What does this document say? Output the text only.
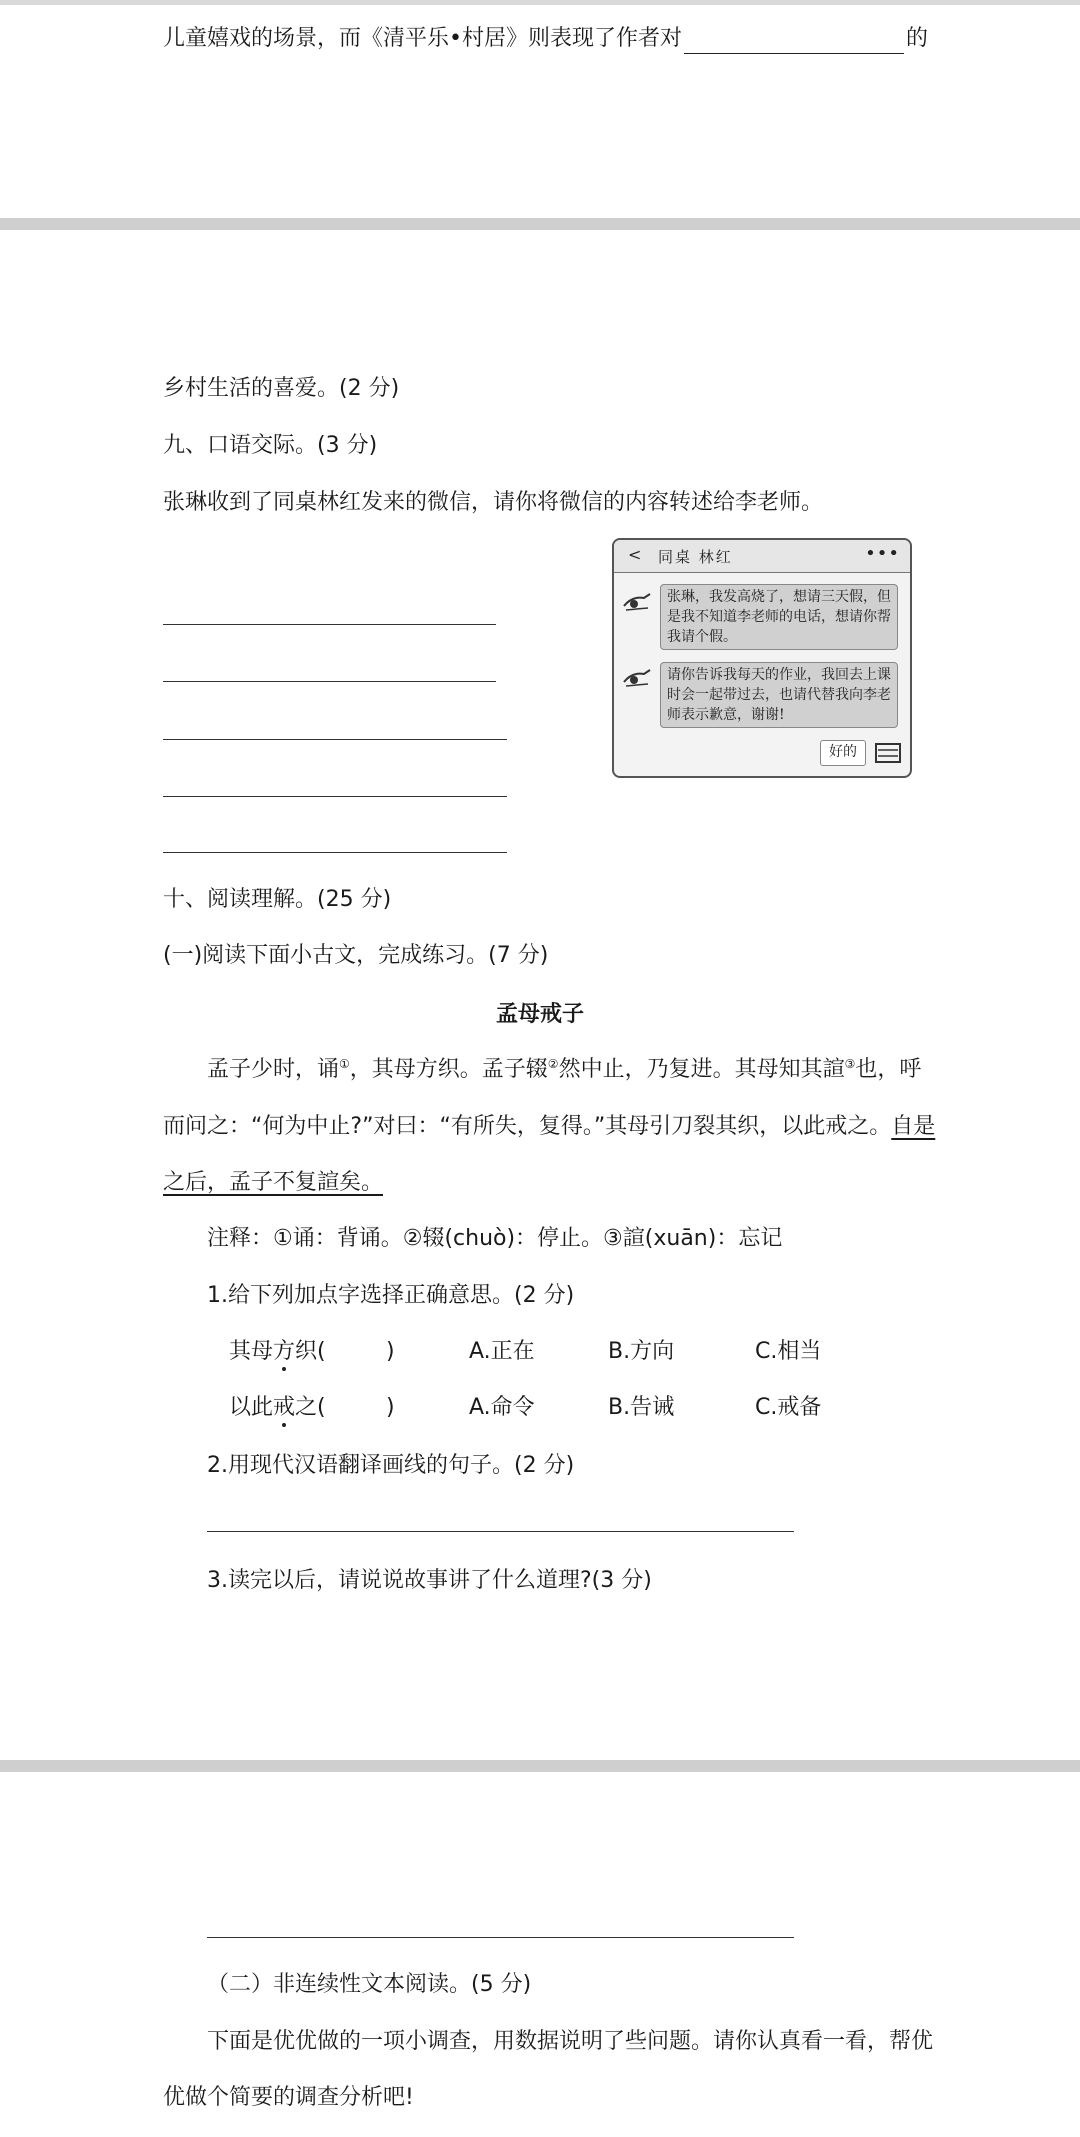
儿童嬉戏的场景，而《清平乐•村居》则表现了作者对	的
乡村生活的喜爱。(2 分)
九、口语交际。(3 分)
张琳收到了同桌林红发来的微信，请你将微信的内容转述给李老师。
< 同桌 林红	•••
张琳，我发高烧了，想请三天假，但是我不知道李老师的电话，想请你帮我请个假。
请你告诉我每天的作业，我回去上课时会一起带过去，也请代替我向李老师表示歉意，谢谢!
好的
十、阅读理解。(25 分)
(一)阅读下面小古文，完成练习。(7 分)
孟母戒子
孟子少时，诵①，其母方织。孟子辍②然中止，乃复进。其母知其諠③也，呼
而问之：“何为中止?”对曰：“有所失，复得。”其母引刀裂其织，以此戒之。自是
之后，孟子不复諠矣。
注释：①诵：背诵。②辍(chuò)：停止。③諠(xuān)：忘记
1.给下列加点字选择正确意思。(2 分)
其母方织(	)	A.正在	B.方向	C.相当
以此戒之(	)	A.命令	B.告诫	C.戒备
2.用现代汉语翻译画线的句子。(2 分)
3.读完以后，请说说故事讲了什么道理?(3 分)
（二）非连续性文本阅读。(5 分)
下面是优优做的一项小调查，用数据说明了些问题。请你认真看一看，帮优
优做个简要的调查分析吧!
